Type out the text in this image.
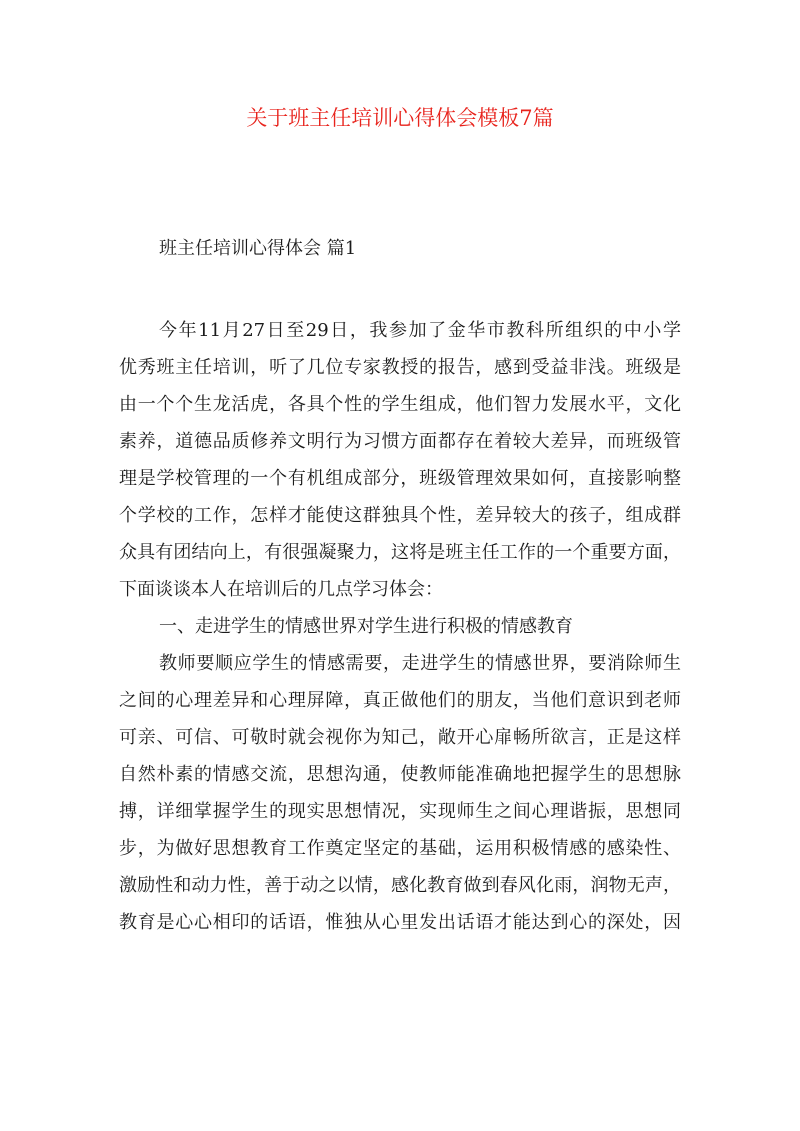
关于班主任培训心得体会模板7篇
班主任培训心得体会 篇1

今年11月27日至29日，我参加了金华市教科所组织的中小学

优秀班主任培训，听了几位专家教授的报告，感到受益非浅。班级是

由一个个生龙活虎，各具个性的学生组成，他们智力发展水平，文化

素养，道德品质修养文明行为习惯方面都存在着较大差异，而班级管

理是学校管理的一个有机组成部分，班级管理效果如何，直接影响整

个学校的工作，怎样才能使这群独具个性，差异较大的孩子，组成群

众具有团结向上，有很强凝聚力，这将是班主任工作的一个重要方面，

下面谈谈本人在培训后的几点学习体会：

一、走进学生的情感世界对学生进行积极的情感教育

教师要顺应学生的情感需要，走进学生的情感世界，要消除师生

之间的心理差异和心理屏障，真正做他们的朋友，当他们意识到老师

可亲、可信、可敬时就会视你为知己，敞开心扉畅所欲言，正是这样

自然朴素的情感交流，思想沟通，使教师能准确地把握学生的思想脉

搏，详细掌握学生的现实思想情况，实现师生之间心理谐振，思想同

步，为做好思想教育工作奠定坚定的基础，运用积极情感的感染性、

激励性和动力性，善于动之以情，感化教育做到春风化雨，润物无声，

教育是心心相印的话语，惟独从心里发出话语才能达到心的深处，因
